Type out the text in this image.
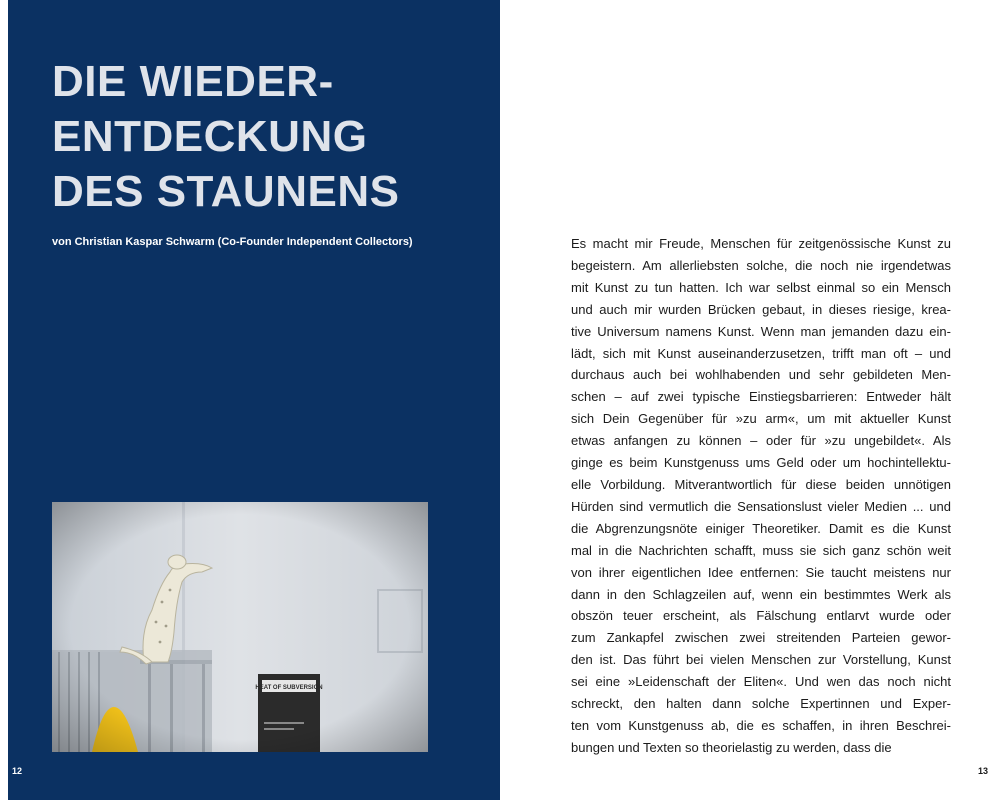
DIE WIEDER-
ENTDECKUNG
DES STAUNENS
von Christian Kaspar Schwarm (Co-Founder Independent Collectors)
12
Es macht mir Freude, Menschen für zeitgenössische Kunst zu
begeistern. Am allerliebsten solche, die noch nie irgendetwas
mit Kunst zu tun hatten. Ich war selbst einmal so ein Mensch
und auch mir wurden Brücken gebaut, in dieses riesige, krea-
tive Universum namens Kunst. Wenn man jemanden dazu ein-
lädt, sich mit Kunst auseinanderzusetzen, trifft man oft – und
durchaus auch bei wohlhabenden und sehr gebildeten Men-
schen – auf zwei typische Einstiegsbarrieren: Entweder hält
sich Dein Gegenüber für »zu arm«, um mit aktueller Kunst
etwas anfangen zu können – oder für »zu ungebildet«. Als
ginge es beim Kunstgenuss ums Geld oder um hochintellektu-
elle Vorbildung. Mitverantwortlich für diese beiden unnötigen
Hürden sind vermutlich die Sensationslust vieler Medien ... und
die Abgrenzungsnöte einiger Theoretiker. Damit es die Kunst
mal in die Nachrichten schafft, muss sie sich ganz schön weit
von ihrer eigentlichen Idee entfernen: Sie taucht meistens nur
dann in den Schlagzeilen auf, wenn ein bestimmtes Werk als
obszön teuer erscheint, als Fälschung entlarvt wurde oder
zum Zankapfel zwischen zwei streitenden Parteien gewor-
den ist. Das führt bei vielen Menschen zur Vorstellung, Kunst
sei eine »Leidenschaft der Eliten«. Und wen das noch nicht
schreckt, den halten dann solche Expertinnen und Exper-
ten vom Kunstgenuss ab, die es schaffen, in ihren Beschrei-
bungen und Texten so theorielastig zu werden, dass die
13
